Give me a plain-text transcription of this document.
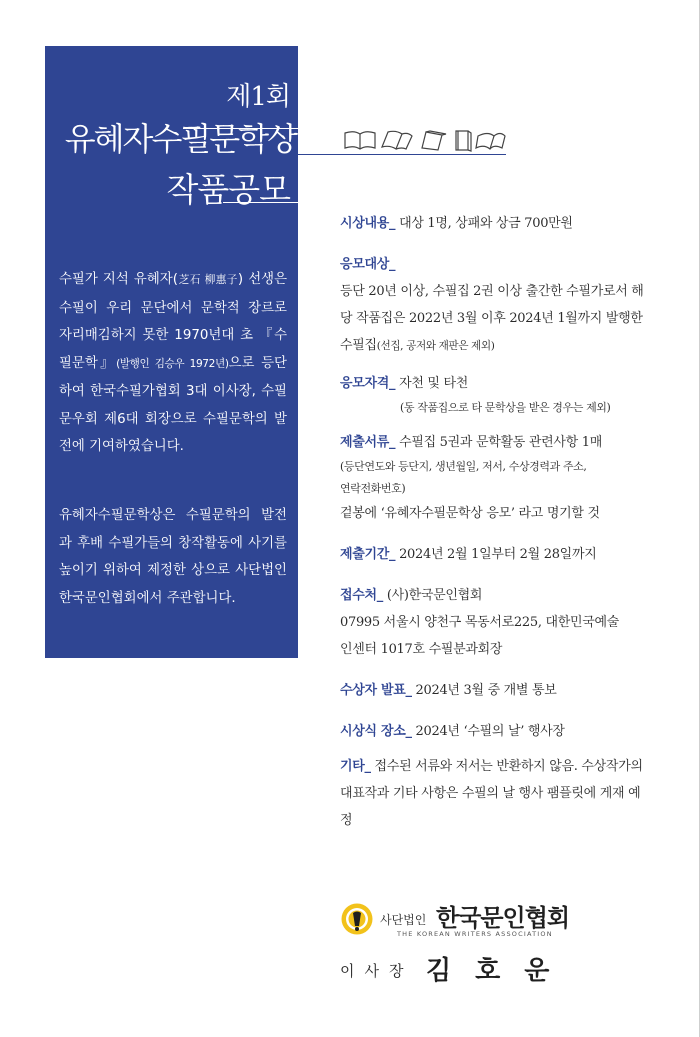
제1회
유혜자수필문학상
작품공모

수필가 지석 유혜자(芝石 柳惠子) 선생은 수필이 우리 문단에서 문학적 장르로 자리매김하지 못한 1970년대 초 『수필문학』(발행인 김승우 1972년)으로 등단하여 한국수필가협회 3대 이사장, 수필문우회 제6대 회장으로 수필문학의 발전에 기여하였습니다.

유혜자수필문학상은 수필문학의 발전과 후배 수필가들의 창작활동에 사기를 높이기 위하여 제정한 상으로 사단법인 한국문인협회에서 주관합니다.

시상내용_ 대상 1명, 상패와 상금 700만원
응모대상_
등단 20년 이상, 수필집 2권 이상 출간한 수필가로서 해당 작품집은 2022년 3월 이후 2024년 1월까지 발행한 수필집(선집, 공저와 재판은 제외)
응모자격_ 자천 및 타천
(동 작품집으로 타 문학상을 받은 경우는 제외)
제출서류_ 수필집 5권과 문학활동 관련사항 1매
(등단연도와 등단지, 생년월일, 저서, 수상경력과 주소,
연락전화번호)
겉봉에 ‘유혜자수필문학상 응모’ 라고 명기할 것
제출기간_ 2024년 2월 1일부터 2월 28일까지
접수처_ (사)한국문인협회
07995 서울시 양천구 목동서로225, 대한민국예술
인센터 1017호 수필분과회장
수상자 발표_ 2024년 3월 중 개별 통보
시상식 장소_ 2024년 ‘수필의 날’ 행사장
기타_ 접수된 서류와 저서는 반환하지 않음. 수상작가의 대표작과 기타 사항은 수필의 날 행사 팸플릿에 게재 예정
사단법인 한국문인협회
THE KOREAN WRITERS ASSOCIATION
이사장 김호운
